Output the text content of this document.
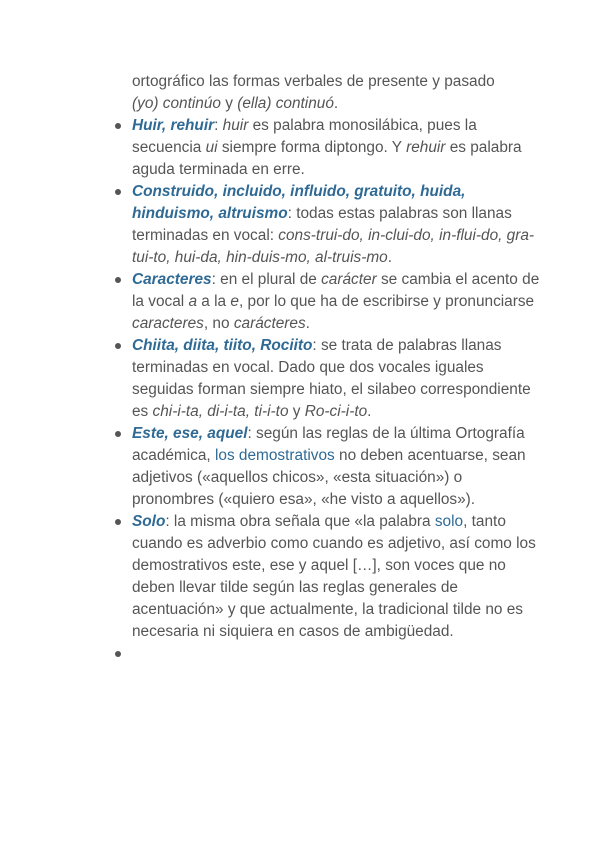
ortográfico las formas verbales de presente y pasado
(yo) continúo y (ella) continuó.

Huir, rehuir: huir es palabra monosilábica, pues la secuencia ui siempre forma diptongo. Y rehuir es palabra aguda terminada en erre.
Construido, incluido, influido, gratuito, huida, hinduismo, altruismo: todas estas palabras son llanas terminadas en vocal: cons-trui-do, in-clui-do, in-flui-do, gra-tui-to, hui-da, hin-duis-mo, al-truis-mo.
Caracteres: en el plural de carácter se cambia el acento de la vocal a a la e, por lo que ha de escribirse y pronunciarse caracteres, no carácteres.
Chiita, diita, tiito, Rociito: se trata de palabras llanas terminadas en vocal. Dado que dos vocales iguales seguidas forman siempre hiato, el silabeo correspondiente es chi-i-ta, di-i-ta, ti-i-to y Ro-ci-i-to.
Este, ese, aquel: según las reglas de la última Ortografía académica, los demostrativos no deben acentuarse, sean adjetivos («aquellos chicos», «esta situación») o pronombres («quiero esa», «he visto a aquellos»).
Solo: la misma obra señala que «la palabra solo, tanto cuando es adverbio como cuando es adjetivo, así como los demostrativos este, ese y aquel […], son voces que no deben llevar tilde según las reglas generales de acentuación» y que actualmente, la tradicional tilde no es necesaria ni siquiera en casos de ambigüedad.
